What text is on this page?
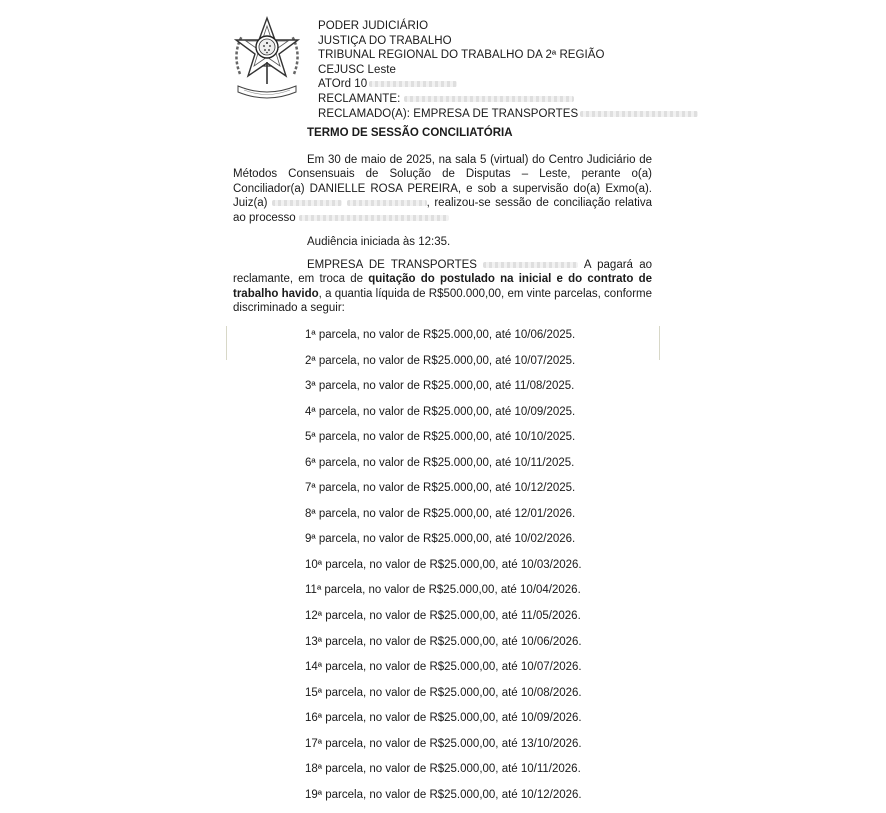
PODER JUDICIÁRIO
JUSTIÇA DO TRABALHO
TRIBUNAL REGIONAL DO TRABALHO DA 2ª REGIÃO
CEJUSC Leste
ATOrd 10
RECLAMANTE:
RECLAMADO(A): EMPRESA DE TRANSPORTES
TERMO DE SESSÃO CONCILIATÓRIA
Em 30 de maio de 2025, na sala 5 (virtual) do Centro Judiciário de Métodos Consensuais de Solução de Disputas – Leste, perante o(a) Conciliador(a) DANIELLE ROSA PEREIRA, e sob a supervisão do(a) Exmo(a). Juiz(a)	, realizou-se sessão de conciliação relativa ao processo
Audiência iniciada às 12:35.
EMPRESA DE TRANSPORTES	A pagará ao reclamante, em troca de quitação do postulado na inicial e do contrato de trabalho havido, a quantia líquida de R$500.000,00, em vinte parcelas, conforme discriminado a seguir:
1ª parcela, no valor de R$25.000,00, até 10/06/2025.
2ª parcela, no valor de R$25.000,00, até 10/07/2025.
3ª parcela, no valor de R$25.000,00, até 11/08/2025.
4ª parcela, no valor de R$25.000,00, até 10/09/2025.
5ª parcela, no valor de R$25.000,00, até 10/10/2025.
6ª parcela, no valor de R$25.000,00, até 10/11/2025.
7ª parcela, no valor de R$25.000,00, até 10/12/2025.
8ª parcela, no valor de R$25.000,00, até 12/01/2026.
9ª parcela, no valor de R$25.000,00, até 10/02/2026.
10ª parcela, no valor de R$25.000,00, até 10/03/2026.
11ª parcela, no valor de R$25.000,00, até 10/04/2026.
12ª parcela, no valor de R$25.000,00, até 11/05/2026.
13ª parcela, no valor de R$25.000,00, até 10/06/2026.
14ª parcela, no valor de R$25.000,00, até 10/07/2026.
15ª parcela, no valor de R$25.000,00, até 10/08/2026.
16ª parcela, no valor de R$25.000,00, até 10/09/2026.
17ª parcela, no valor de R$25.000,00, até 13/10/2026.
18ª parcela, no valor de R$25.000,00, até 10/11/2026.
19ª parcela, no valor de R$25.000,00, até 10/12/2026.
